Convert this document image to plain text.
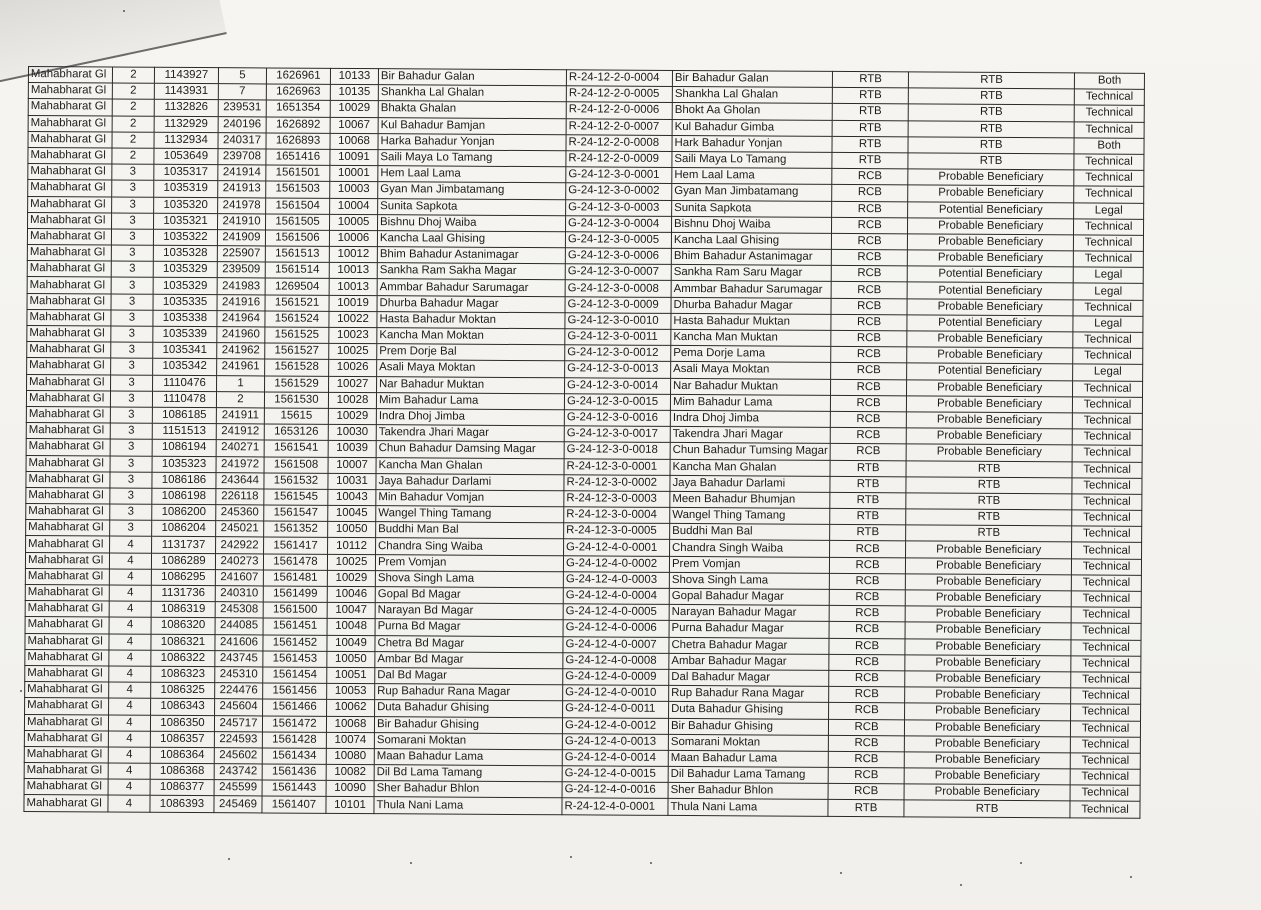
Mahabharat Gl	2	1143927	5	1626961	10133	Bir Bahadur Galan	R-24-12-2-0-0004	Bir Bahadur Galan	RTB	RTB	Both
Mahabharat Gl	2	1143931	7	1626963	10135	Shankha Lal Ghalan	R-24-12-2-0-0005	Shankha Lal Ghalan	RTB	RTB	Technical
Mahabharat Gl	2	1132826	239531	1651354	10029	Bhakta Ghalan	R-24-12-2-0-0006	Bhokt Aa Gholan	RTB	RTB	Technical
Mahabharat Gl	2	1132929	240196	1626892	10067	Kul Bahadur Bamjan	R-24-12-2-0-0007	Kul Bahadur Gimba	RTB	RTB	Technical
Mahabharat Gl	2	1132934	240317	1626893	10068	Harka Bahadur Yonjan	R-24-12-2-0-0008	Hark Bahadur Yonjan	RTB	RTB	Both
Mahabharat Gl	2	1053649	239708	1651416	10091	Saili Maya Lo Tamang	R-24-12-2-0-0009	Saili Maya Lo Tamang	RTB	RTB	Technical
Mahabharat Gl	3	1035317	241914	1561501	10001	Hem Laal Lama	G-24-12-3-0-0001	Hem Laal Lama	RCB	Probable Beneficiary	Technical
Mahabharat Gl	3	1035319	241913	1561503	10003	Gyan Man Jimbatamang	G-24-12-3-0-0002	Gyan Man Jimbatamang	RCB	Probable Beneficiary	Technical
Mahabharat Gl	3	1035320	241978	1561504	10004	Sunita Sapkota	G-24-12-3-0-0003	Sunita Sapkota	RCB	Potential Beneficiary	Legal
Mahabharat Gl	3	1035321	241910	1561505	10005	Bishnu Dhoj Waiba	G-24-12-3-0-0004	Bishnu Dhoj Waiba	RCB	Probable Beneficiary	Technical
Mahabharat Gl	3	1035322	241909	1561506	10006	Kancha Laal Ghising	G-24-12-3-0-0005	Kancha Laal Ghising	RCB	Probable Beneficiary	Technical
Mahabharat Gl	3	1035328	225907	1561513	10012	Bhim Bahadur Astanimagar	G-24-12-3-0-0006	Bhim Bahadur Astanimagar	RCB	Probable Beneficiary	Technical
Mahabharat Gl	3	1035329	239509	1561514	10013	Sankha Ram Sakha Magar	G-24-12-3-0-0007	Sankha Ram Saru Magar	RCB	Potential Beneficiary	Legal
Mahabharat Gl	3	1035329	241983	1269504	10013	Ammbar Bahadur Sarumagar	G-24-12-3-0-0008	Ammbar Bahadur Sarumagar	RCB	Potential Beneficiary	Legal
Mahabharat Gl	3	1035335	241916	1561521	10019	Dhurba Bahadur Magar	G-24-12-3-0-0009	Dhurba Bahadur Magar	RCB	Probable Beneficiary	Technical
Mahabharat Gl	3	1035338	241964	1561524	10022	Hasta Bahadur Moktan	G-24-12-3-0-0010	Hasta Bahadur Muktan	RCB	Potential Beneficiary	Legal
Mahabharat Gl	3	1035339	241960	1561525	10023	Kancha Man Moktan	G-24-12-3-0-0011	Kancha Man Muktan	RCB	Probable Beneficiary	Technical
Mahabharat Gl	3	1035341	241962	1561527	10025	Prem Dorje Bal	G-24-12-3-0-0012	Pema Dorje Lama	RCB	Probable Beneficiary	Technical
Mahabharat Gl	3	1035342	241961	1561528	10026	Asali Maya Moktan	G-24-12-3-0-0013	Asali Maya Moktan	RCB	Potential Beneficiary	Legal
Mahabharat Gl	3	1110476	1	1561529	10027	Nar Bahadur Muktan	G-24-12-3-0-0014	Nar Bahadur Muktan	RCB	Probable Beneficiary	Technical
Mahabharat Gl	3	1110478	2	1561530	10028	Mim Bahadur Lama	G-24-12-3-0-0015	Mim Bahadur Lama	RCB	Probable Beneficiary	Technical
Mahabharat Gl	3	1086185	241911	15615	10029	Indra Dhoj Jimba	G-24-12-3-0-0016	Indra Dhoj Jimba	RCB	Probable Beneficiary	Technical
Mahabharat Gl	3	1151513	241912	1653126	10030	Takendra Jhari Magar	G-24-12-3-0-0017	Takendra Jhari Magar	RCB	Probable Beneficiary	Technical
Mahabharat Gl	3	1086194	240271	1561541	10039	Chun Bahadur Damsing Magar	G-24-12-3-0-0018	Chun Bahadur Tumsing Magar	RCB	Probable Beneficiary	Technical
Mahabharat Gl	3	1035323	241972	1561508	10007	Kancha Man Ghalan	R-24-12-3-0-0001	Kancha Man Ghalan	RTB	RTB	Technical
Mahabharat Gl	3	1086186	243644	1561532	10031	Jaya Bahadur Darlami	R-24-12-3-0-0002	Jaya Bahadur Darlami	RTB	RTB	Technical
Mahabharat Gl	3	1086198	226118	1561545	10043	Min Bahadur Vomjan	R-24-12-3-0-0003	Meen Bahadur Bhumjan	RTB	RTB	Technical
Mahabharat Gl	3	1086200	245360	1561547	10045	Wangel Thing Tamang	R-24-12-3-0-0004	Wangel Thing Tamang	RTB	RTB	Technical
Mahabharat Gl	3	1086204	245021	1561352	10050	Buddhi Man Bal	R-24-12-3-0-0005	Buddhi Man Bal	RTB	RTB	Technical
Mahabharat Gl	4	1131737	242922	1561417	10112	Chandra Sing Waiba	G-24-12-4-0-0001	Chandra Singh Waiba	RCB	Probable Beneficiary	Technical
Mahabharat Gl	4	1086289	240273	1561478	10025	Prem Vomjan	G-24-12-4-0-0002	Prem Vomjan	RCB	Probable Beneficiary	Technical
Mahabharat Gl	4	1086295	241607	1561481	10029	Shova Singh Lama	G-24-12-4-0-0003	Shova Singh Lama	RCB	Probable Beneficiary	Technical
Mahabharat Gl	4	1131736	240310	1561499	10046	Gopal Bd Magar	G-24-12-4-0-0004	Gopal Bahadur Magar	RCB	Probable Beneficiary	Technical
Mahabharat Gl	4	1086319	245308	1561500	10047	Narayan Bd Magar	G-24-12-4-0-0005	Narayan Bahadur Magar	RCB	Probable Beneficiary	Technical
Mahabharat Gl	4	1086320	244085	1561451	10048	Purna Bd Magar	G-24-12-4-0-0006	Purna Bahadur Magar	RCB	Probable Beneficiary	Technical
Mahabharat Gl	4	1086321	241606	1561452	10049	Chetra Bd Magar	G-24-12-4-0-0007	Chetra Bahadur Magar	RCB	Probable Beneficiary	Technical
Mahabharat Gl	4	1086322	243745	1561453	10050	Ambar Bd Magar	G-24-12-4-0-0008	Ambar Bahadur Magar	RCB	Probable Beneficiary	Technical
Mahabharat Gl	4	1086323	245310	1561454	10051	Dal Bd Magar	G-24-12-4-0-0009	Dal Bahadur Magar	RCB	Probable Beneficiary	Technical
Mahabharat Gl	4	1086325	224476	1561456	10053	Rup Bahadur Rana Magar	G-24-12-4-0-0010	Rup Bahadur Rana Magar	RCB	Probable Beneficiary	Technical
Mahabharat Gl	4	1086343	245604	1561466	10062	Duta Bahadur Ghising	G-24-12-4-0-0011	Duta Bahadur Ghising	RCB	Probable Beneficiary	Technical
Mahabharat Gl	4	1086350	245717	1561472	10068	Bir Bahadur Ghising	G-24-12-4-0-0012	Bir Bahadur Ghising	RCB	Probable Beneficiary	Technical
Mahabharat Gl	4	1086357	224593	1561428	10074	Somarani Moktan	G-24-12-4-0-0013	Somarani Moktan	RCB	Probable Beneficiary	Technical
Mahabharat Gl	4	1086364	245602	1561434	10080	Maan Bahadur Lama	G-24-12-4-0-0014	Maan Bahadur Lama	RCB	Probable Beneficiary	Technical
Mahabharat Gl	4	1086368	243742	1561436	10082	Dil Bd Lama Tamang	G-24-12-4-0-0015	Dil Bahadur Lama Tamang	RCB	Probable Beneficiary	Technical
Mahabharat Gl	4	1086377	245599	1561443	10090	Sher Bahadur Bhlon	G-24-12-4-0-0016	Sher Bahadur Bhlon	RCB	Probable Beneficiary	Technical
Mahabharat Gl	4	1086393	245469	1561407	10101	Thula Nani Lama	R-24-12-4-0-0001	Thula Nani Lama	RTB	RTB	Technical
